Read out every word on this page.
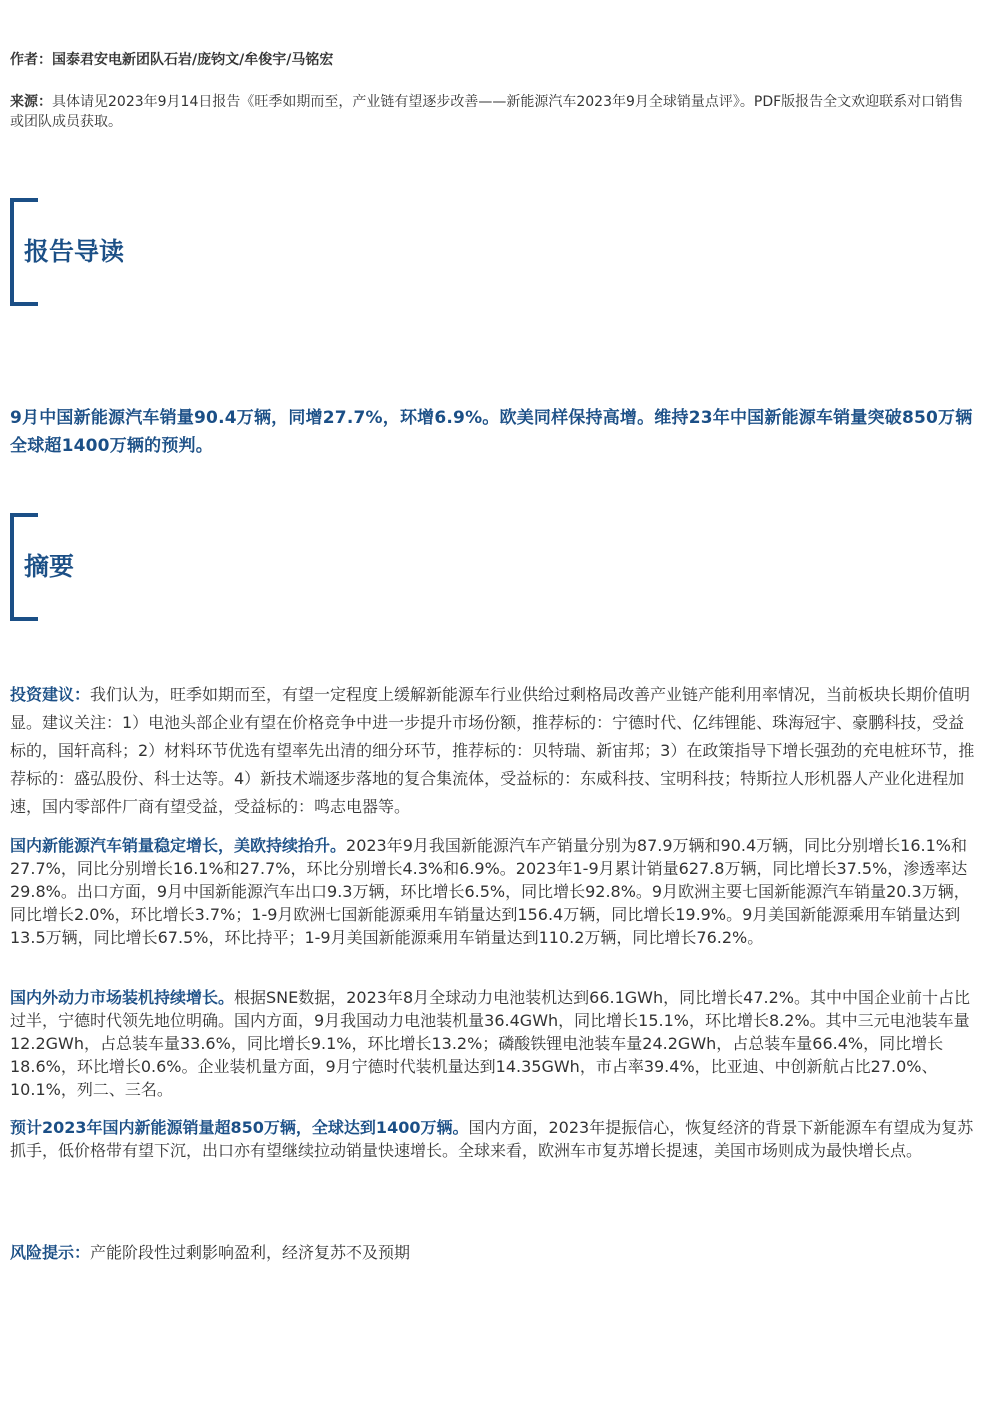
作者：国泰君安电新团队石岩/庞钧文/牟俊宇/马铭宏
来源：具体请见2023年9月14日报告《旺季如期而至，产业链有望逐步改善——新能源汽车2023年9月全球销量点评》。PDF版报告全文欢迎联系对口销售或团队成员获取。
报告导读
9月中国新能源汽车销量90.4万辆，同增27.7%，环增6.9%。欧美同样保持高增。维持23年中国新能源车销量突破850万辆全球超1400万辆的预判。
摘要
投资建议：我们认为，旺季如期而至，有望一定程度上缓解新能源车行业供给过剩格局改善产业链产能利用率情况，当前板块长期价值明显。建议关注：1）电池头部企业有望在价格竞争中进一步提升市场份额，推荐标的：宁德时代、亿纬锂能、珠海冠宇、豪鹏科技，受益标的，国轩高科；2）材料环节优选有望率先出清的细分环节，推荐标的：贝特瑞、新宙邦；3）在政策指导下增长强劲的充电桩环节，推荐标的：盛弘股份、科士达等。4）新技术端逐步落地的复合集流体，受益标的：东威科技、宝明科技；特斯拉人形机器人产业化进程加速，国内零部件厂商有望受益，受益标的：鸣志电器等。
国内新能源汽车销量稳定增长，美欧持续抬升。2023年9月我国新能源汽车产销量分别为87.9万辆和90.4万辆，同比分别增长16.1%和27.7%，同比分别增长16.1%和27.7%，环比分别增长4.3%和6.9%。2023年1-9月累计销量627.8万辆，同比增长37.5%，渗透率达29.8%。出口方面，9月中国新能源汽车出口9.3万辆，环比增长6.5%，同比增长92.8%。9月欧洲主要七国新能源汽车销量20.3万辆，同比增长2.0%，环比增长3.7%；1-9月欧洲七国新能源乘用车销量达到156.4万辆，同比增长19.9%。9月美国新能源乘用车销量达到13.5万辆，同比增长67.5%，环比持平；1-9月美国新能源乘用车销量达到110.2万辆，同比增长76.2%。
国内外动力市场装机持续增长。根据SNE数据，2023年8月全球动力电池装机达到66.1GWh，同比增长47.2%。其中中国企业前十占比过半，宁德时代领先地位明确。国内方面，9月我国动力电池装机量36.4GWh，同比增长15.1%，环比增长8.2%。其中三元电池装车量12.2GWh，占总装车量33.6%，同比增长9.1%，环比增长13.2%；磷酸铁锂电池装车量24.2GWh，占总装车量66.4%，同比增长18.6%，环比增长0.6%。企业装机量方面，9月宁德时代装机量达到14.35GWh，市占率39.4%，比亚迪、中创新航占比27.0%、10.1%，列二、三名。
预计2023年国内新能源销量超850万辆，全球达到1400万辆。国内方面，2023年提振信心，恢复经济的背景下新能源车有望成为复苏抓手，低价格带有望下沉，出口亦有望继续拉动销量快速增长。全球来看，欧洲车市复苏增长提速，美国市场则成为最快增长点。
风险提示：产能阶段性过剩影响盈利，经济复苏不及预期
